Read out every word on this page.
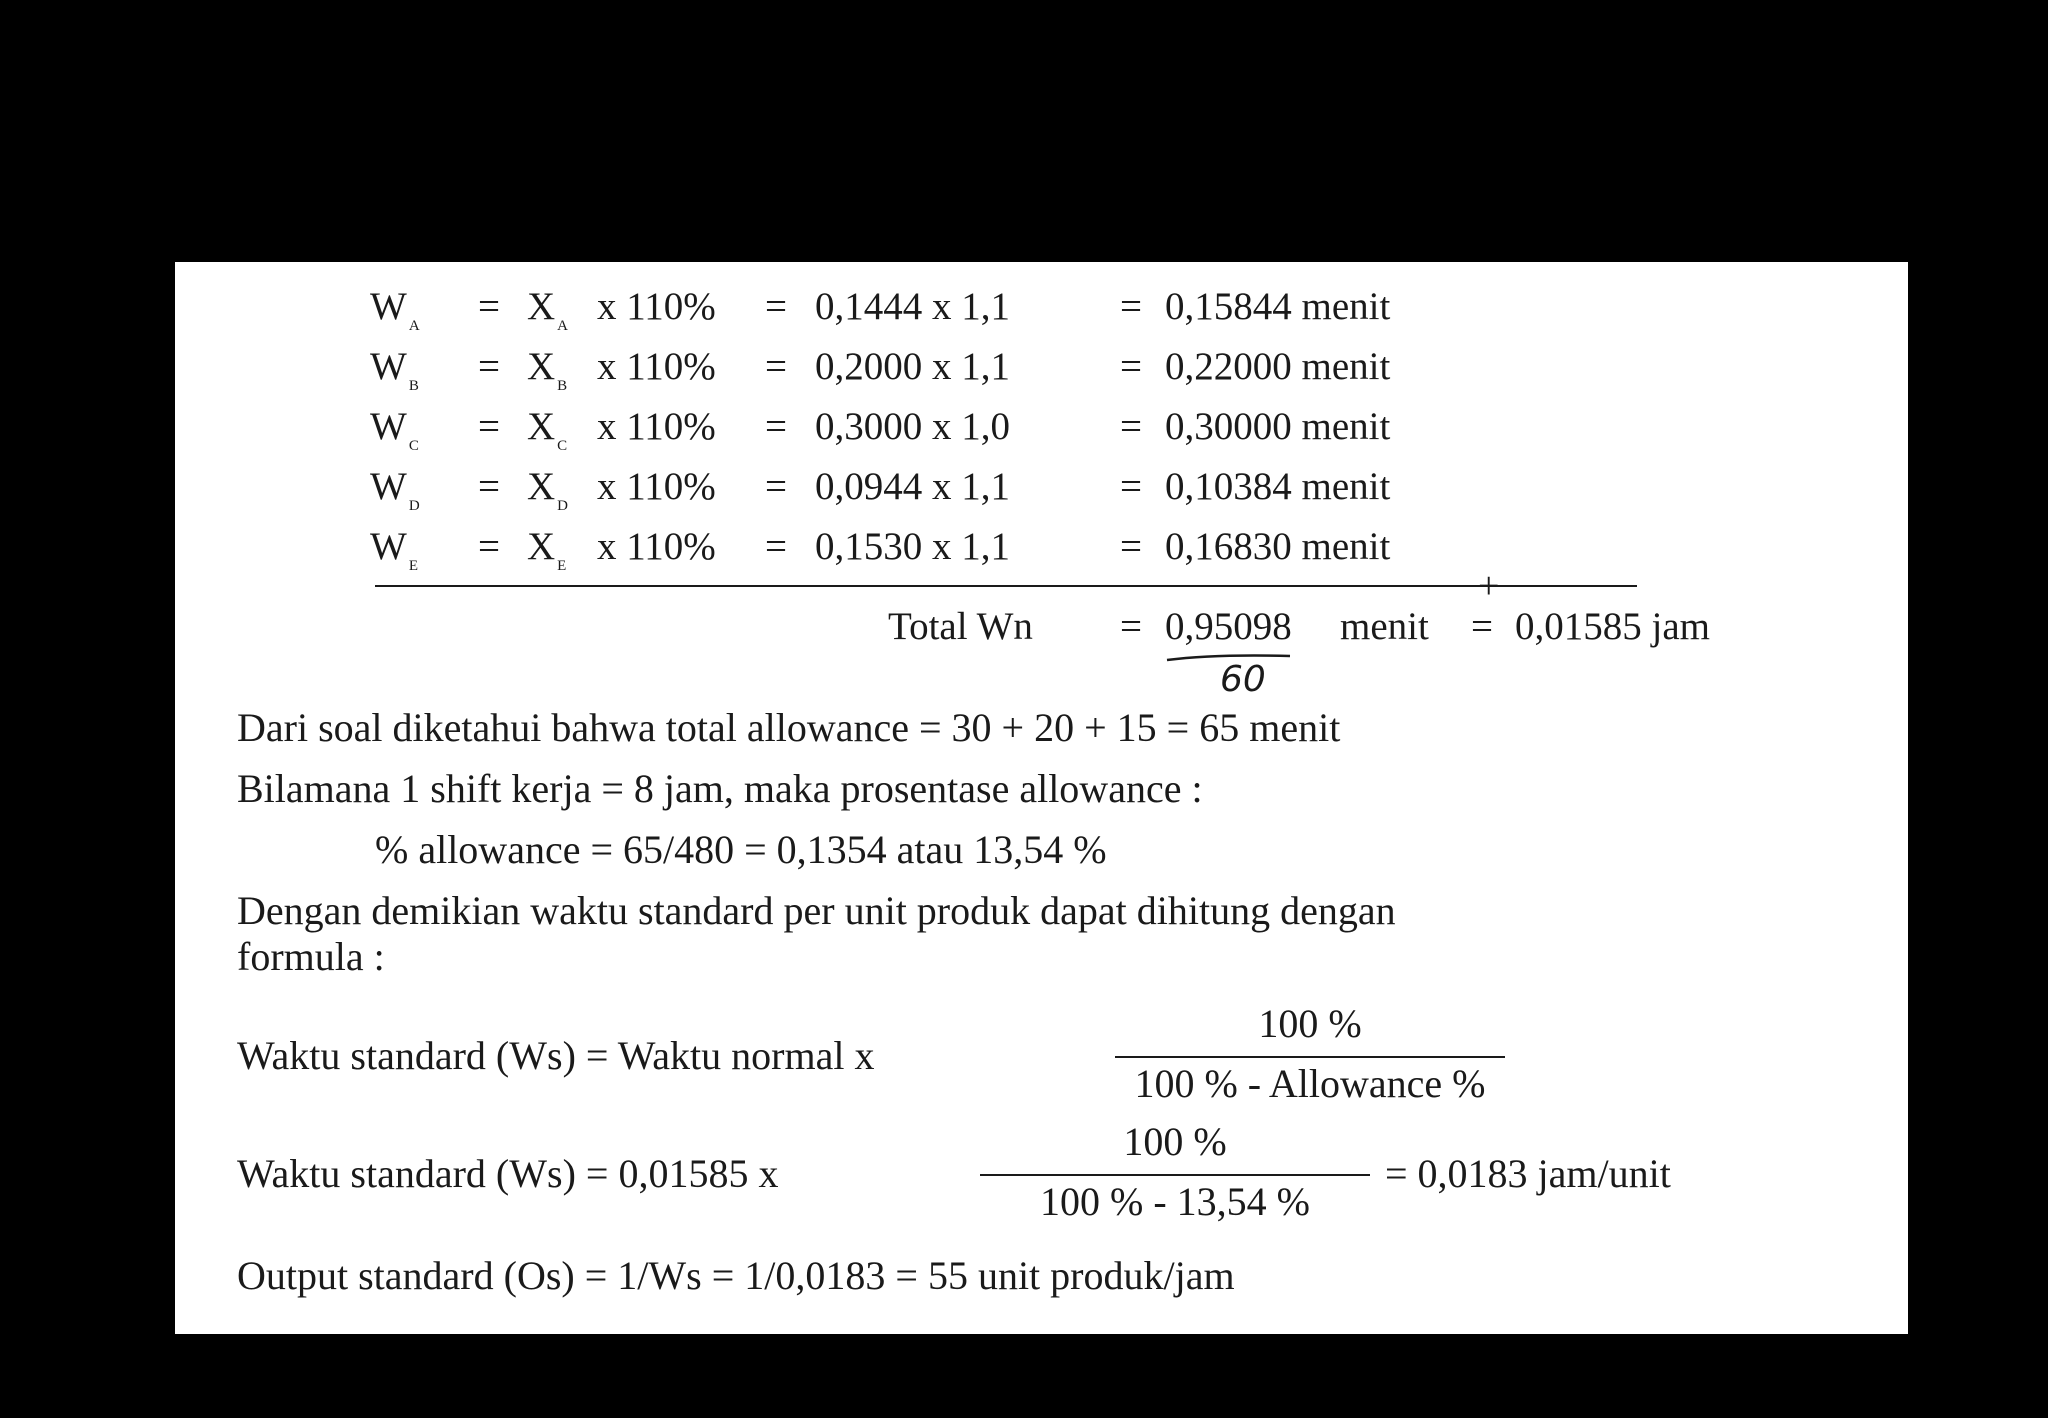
W $_A$ = X $_A$ x 110% = 0,1444 x 1,1	= 0,15844 menit
W $_B$ = X $_B$ x 110% = 0,2000 x 1,1	= 0,22000 menit
W $_C$ = X $_C$ x 110% = 0,3000 x 1,0	= 0,30000 menit
W $_D$ = X $_D$ x 110% = 0,0944 x 1,1	= 0,10384 menit
W $_E$ = X $_E$ x 110% = 0,1530 x 1,1	= 0,16830 menit
+
Total Wn = 0,95098 menit = 0,01585 jam
60
Dari soal diketahui bahwa total allowance = 30 + 20 + 15 = 65 menit
Bilamana 1 shift kerja = 8 jam, maka prosentase allowance :
% allowance = 65/480 = 0,1354 atau 13,54 %
Dengan demikian waktu standard per unit produk dapat dihitung dengan
formula :
Waktu standard (Ws) = Waktu normal x
100 %
100 % - Allowance %
Waktu standard (Ws) = 0,01585 x
100 %
100 % - 13,54 %
= 0,0183 jam/unit
Output standard (Os) = 1/Ws = 1/0,0183 = 55 unit produk/jam
